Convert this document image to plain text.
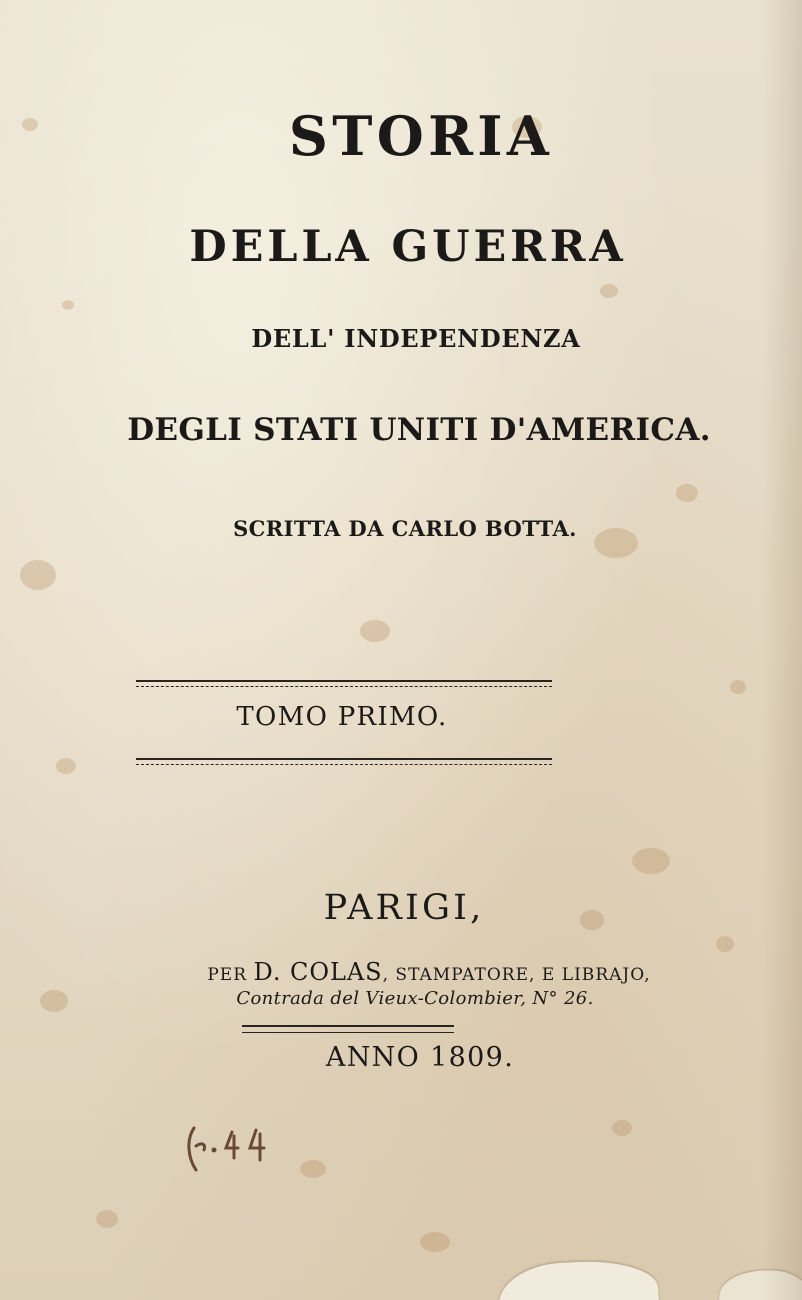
STORIA
DELLA GUERRA
DELL' INDEPENDENZA
DEGLI STATI UNITI D'AMERICA.
SCRITTA DA CARLO BOTTA.
TOMO PRIMO.
PARIGI,
PER D. COLAS, STAMPATORE, E LIBRAJO,
Contrada del Vieux-Colombier, N° 26.
ANNO 1809.
